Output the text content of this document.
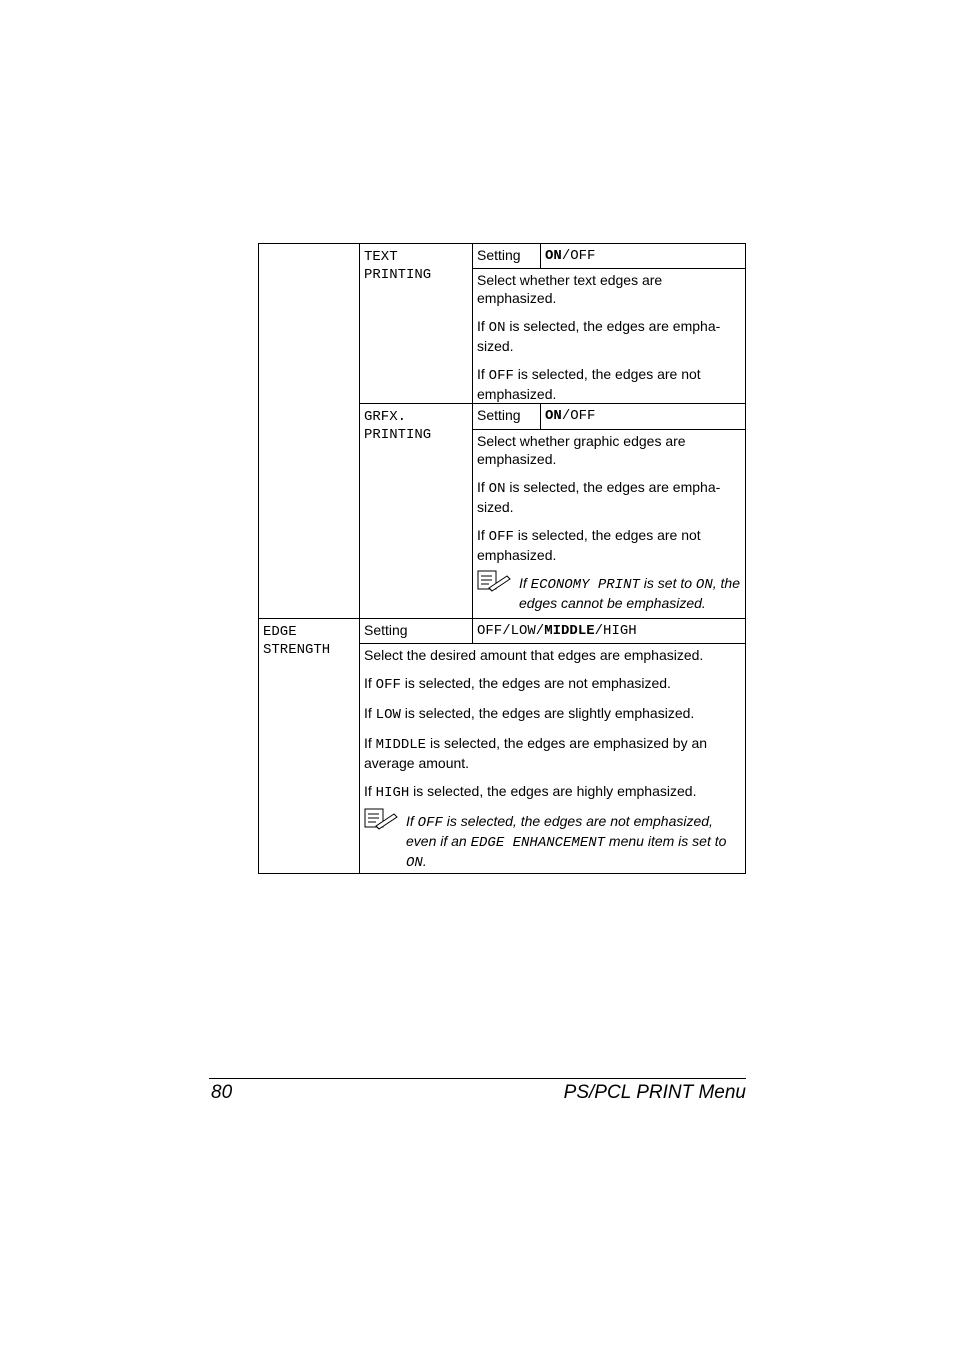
TEXT
PRINTING
Setting	ON/OFF

Select whether text edges are emphasized.

If ON is selected, the edges are empha-sized.

If OFF is selected, the edges are not emphasized.

GRFX.
PRINTING
Setting	ON/OFF

Select whether graphic edges are emphasized.

If ON is selected, the edges are empha-sized.

If OFF is selected, the edges are not emphasized.

If ECONOMY PRINT is set to ON, the edges cannot be emphasized.
EDGE
STRENGTH
Setting	OFF/LOW/MIDDLE/HIGH

Select the desired amount that edges are emphasized.

If OFF is selected, the edges are not emphasized.

If LOW is selected, the edges are slightly emphasized.

If MIDDLE is selected, the edges are emphasized by an average amount.

If HIGH is selected, the edges are highly emphasized.

If OFF is selected, the edges are not emphasized, even if an EDGE ENHANCEMENT menu item is set to ON.
80	PS/PCL PRINT Menu
